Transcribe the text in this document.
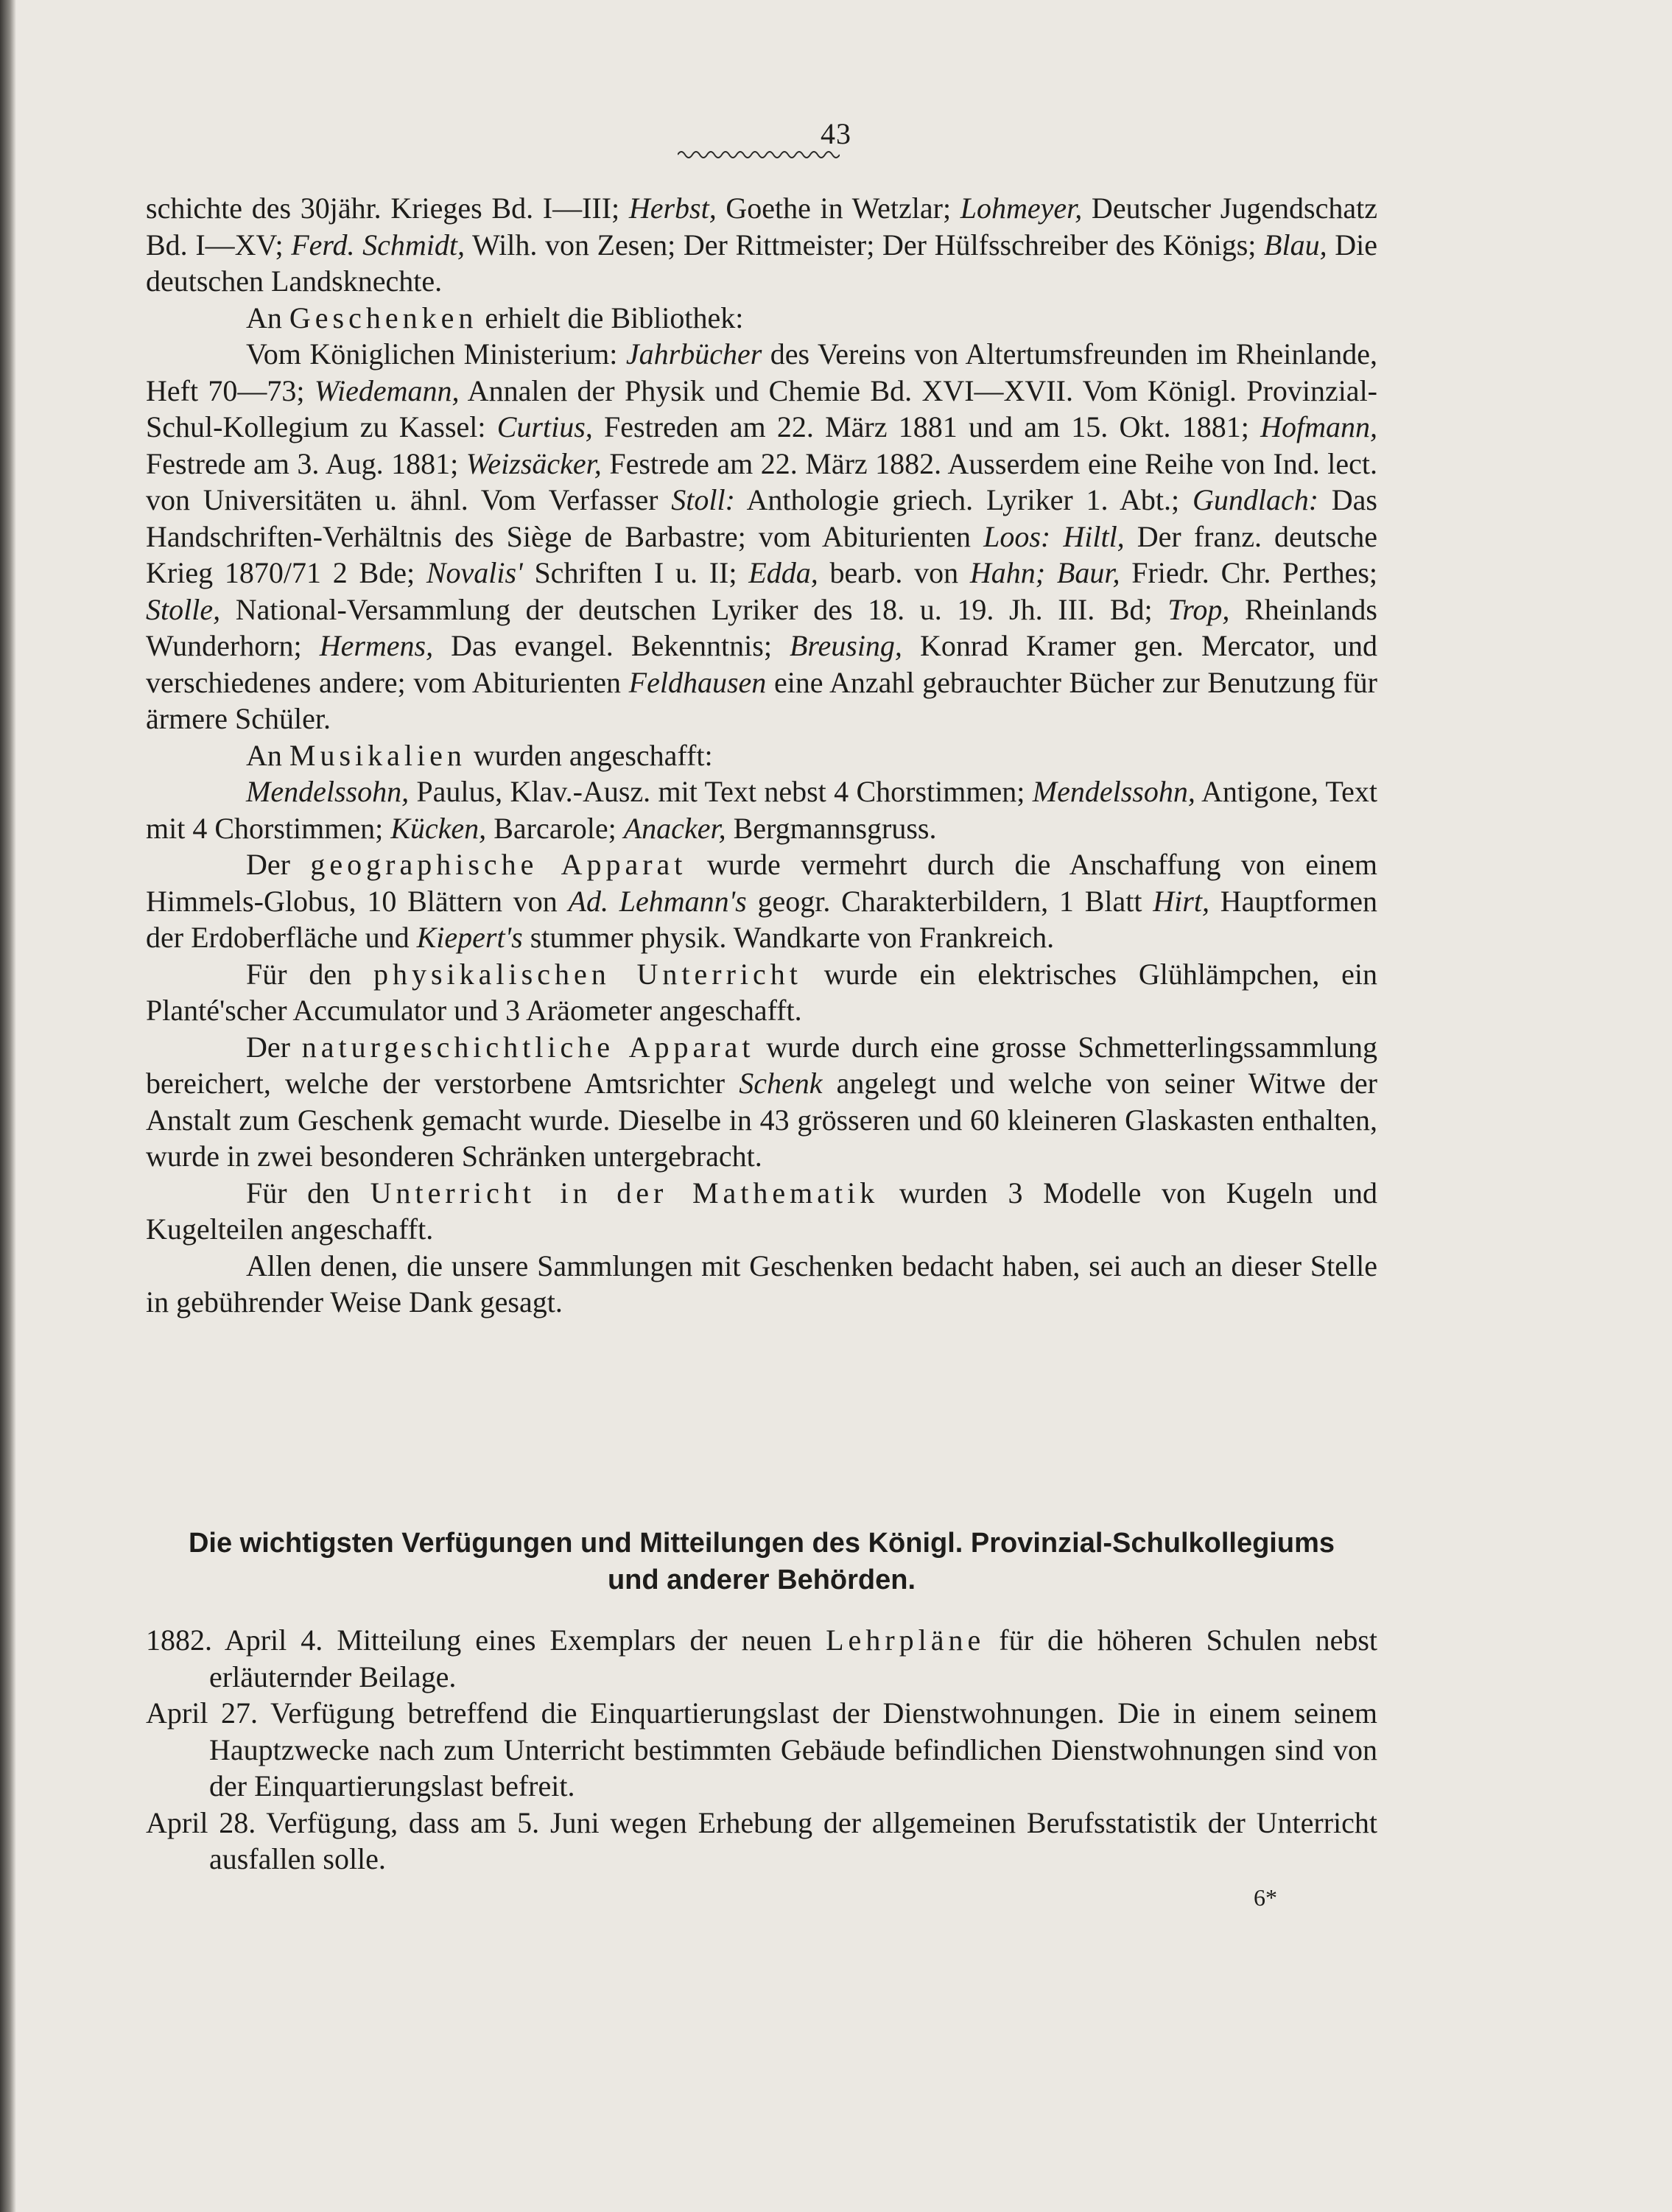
43

schichte des 30jähr. Krieges Bd. I—III; Herbst, Goethe in Wetzlar; Lohmeyer, Deutscher Jugendschatz Bd. I—XV; Ferd. Schmidt, Wilh. von Zesen; Der Rittmeister; Der Hülfsschreiber des Königs; Blau, Die deutschen Landsknechte.

An Geschenken erhielt die Bibliothek:

Vom Königlichen Ministerium: Jahrbücher des Vereins von Altertumsfreunden im Rheinlande, Heft 70—73; Wiedemann, Annalen der Physik und Chemie Bd. XVI—XVII. Vom Königl. Provinzial-Schul-Kollegium zu Kassel: Curtius, Festreden am 22. März 1881 und am 15. Okt. 1881; Hofmann, Festrede am 3. Aug. 1881; Weizsäcker, Festrede am 22. März 1882. Ausserdem eine Reihe von Ind. lect. von Universitäten u. ähnl. Vom Verfasser Stoll: Anthologie griech. Lyriker 1. Abt.; Gundlach: Das Handschriften-Verhältnis des Siège de Barbastre; vom Abiturienten Loos: Hiltl, Der franz. deutsche Krieg 1870/71 2 Bde; Novalis' Schriften I u. II; Edda, bearb. von Hahn; Baur, Friedr. Chr. Perthes; Stolle, National-Versammlung der deutschen Lyriker des 18. u. 19. Jh. III. Bd; Trop, Rheinlands Wunderhorn; Hermens, Das evangel. Bekenntnis; Breusing, Konrad Kramer gen. Mercator, und verschiedenes andere; vom Abiturienten Feldhausen eine Anzahl gebrauchter Bücher zur Benutzung für ärmere Schüler.

An Musikalien wurden angeschafft:

Mendelssohn, Paulus, Klav.-Ausz. mit Text nebst 4 Chorstimmen; Mendelssohn, Antigone, Text mit 4 Chorstimmen; Kücken, Barcarole; Anacker, Bergmannsgruss.

Der geographische Apparat wurde vermehrt durch die Anschaffung von einem Himmels-Globus, 10 Blättern von Ad. Lehmann's geogr. Charakterbildern, 1 Blatt Hirt, Hauptformen der Erdoberfläche und Kiepert's stummer physik. Wandkarte von Frankreich.

Für den physikalischen Unterricht wurde ein elektrisches Glühlämpchen, ein Planté'scher Accumulator und 3 Aräometer angeschafft.

Der naturgeschichtliche Apparat wurde durch eine grosse Schmetterlingssammlung bereichert, welche der verstorbene Amtsrichter Schenk angelegt und welche von seiner Witwe der Anstalt zum Geschenk gemacht wurde. Dieselbe in 43 grösseren und 60 kleineren Glaskasten enthalten, wurde in zwei besonderen Schränken untergebracht.

Für den Unterricht in der Mathematik wurden 3 Modelle von Kugeln und Kugelteilen angeschafft.

Allen denen, die unsere Sammlungen mit Geschenken bedacht haben, sei auch an dieser Stelle in gebührender Weise Dank gesagt.

Die wichtigsten Verfügungen und Mitteilungen des Königl. Provinzial-Schulkollegiums
und anderer Behörden.

1882. April 4. Mitteilung eines Exemplars der neuen Lehrpläne für die höheren Schulen nebst erläuternder Beilage.

April 27. Verfügung betreffend die Einquartierungslast der Dienstwohnungen. Die in einem seinem Hauptzwecke nach zum Unterricht bestimmten Gebäude befindlichen Dienstwohnungen sind von der Einquartierungslast befreit.

April 28. Verfügung, dass am 5. Juni wegen Erhebung der allgemeinen Berufsstatistik der Unterricht ausfallen solle.

6*
